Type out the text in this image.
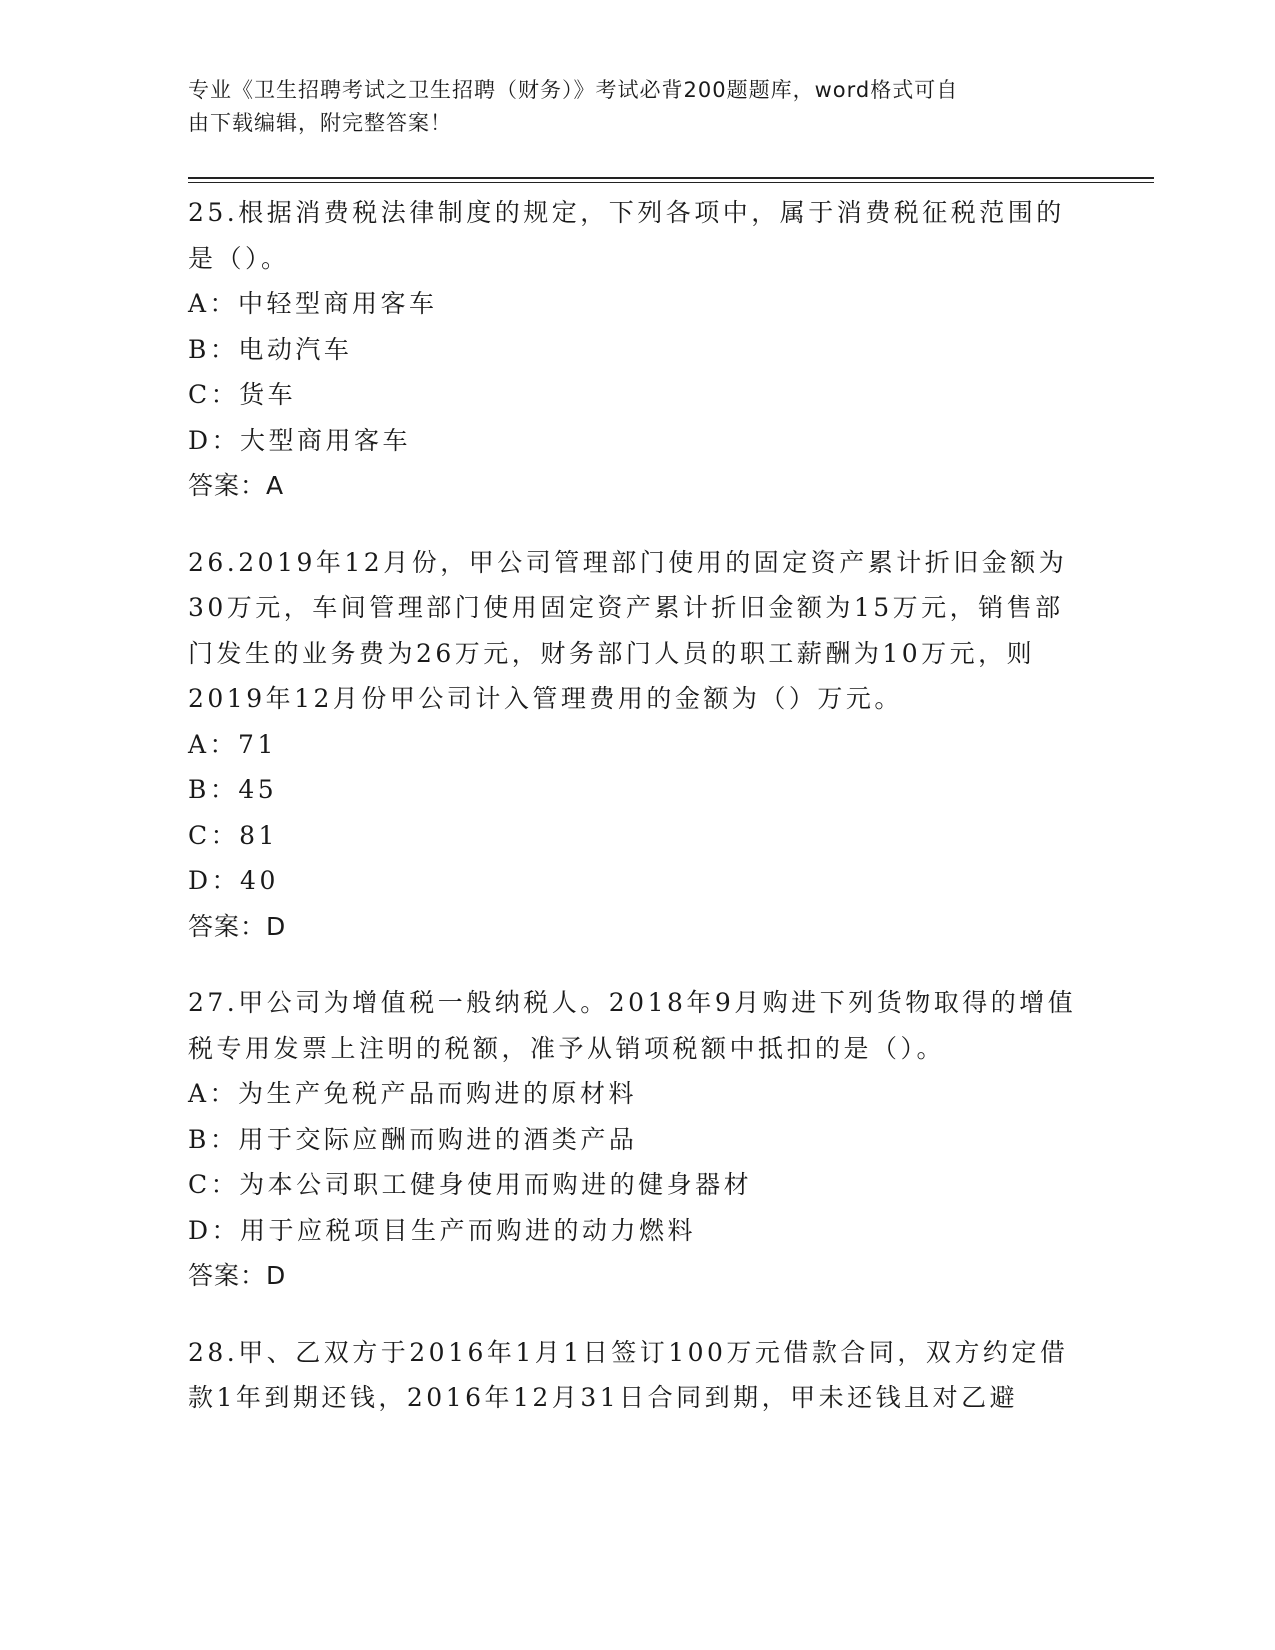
专业《卫生招聘考试之卫生招聘（财务）》考试必背200题题库，word格式可自
由下载编辑，附完整答案！
25.根据消费税法律制度的规定，下列各项中，属于消费税征税范围的是（）。
A：中轻型商用客车
B：电动汽车
C：货车
D：大型商用客车
答案：A
26.2019年12月份，甲公司管理部门使用的固定资产累计折旧金额为30万元，车间管理部门使用固定资产累计折旧金额为15万元，销售部门发生的业务费为26万元，财务部门人员的职工薪酬为10万元，则2019年12月份甲公司计入管理费用的金额为（）万元。
A：71
B：45
C：81
D：40
答案：D
27.甲公司为增值税一般纳税人。2018年9月购进下列货物取得的增值税专用发票上注明的税额，准予从销项税额中抵扣的是（）。
A：为生产免税产品而购进的原材料
B：用于交际应酬而购进的酒类产品
C：为本公司职工健身使用而购进的健身器材
D：用于应税项目生产而购进的动力燃料
答案：D
28.甲、乙双方于2016年1月1日签订100万元借款合同，双方约定借款1年到期还钱，2016年12月31日合同到期，甲未还钱且对乙避
